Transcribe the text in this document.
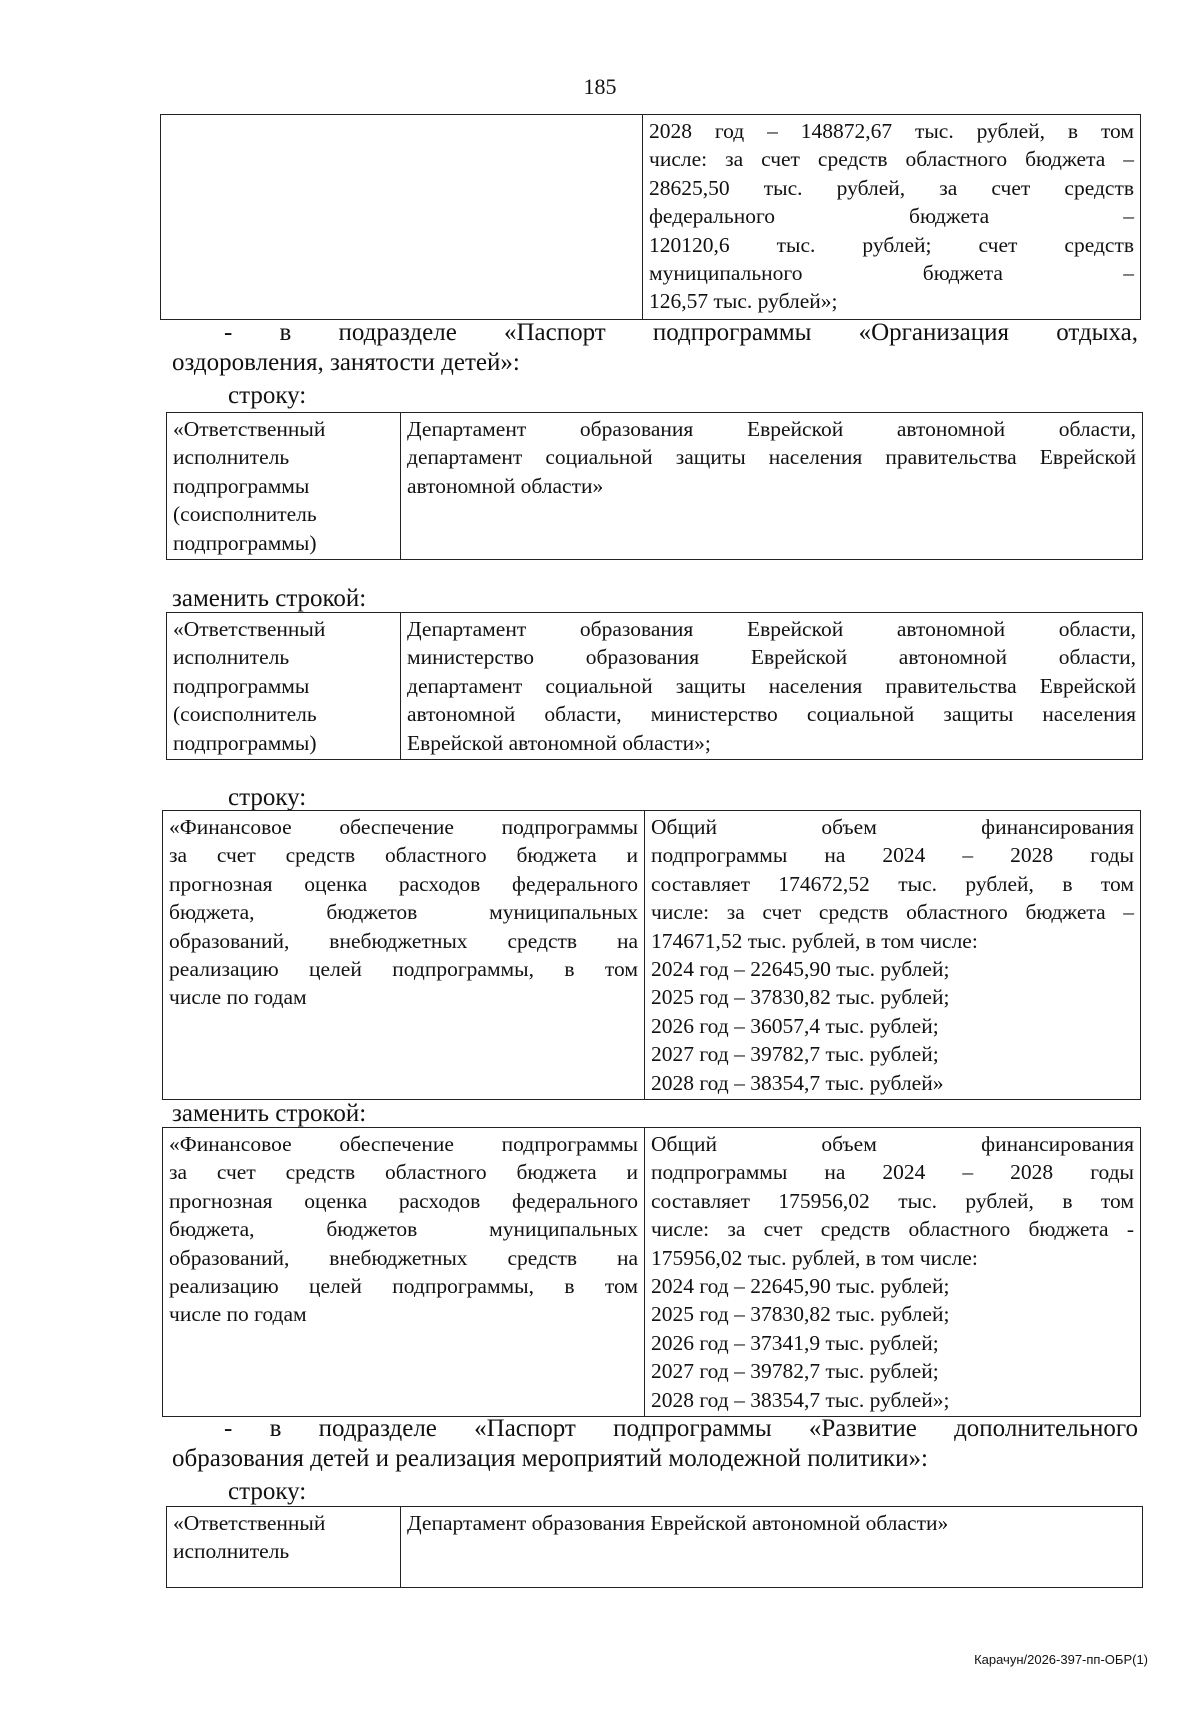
185

2028 год – 148872,67 тыс. рублей, в том
числе: за счет средств областного бюджета –
28625,50 тыс. рублей, за счет средств
федерального бюджета –
120120,6 тыс. рублей; счет средств
муниципального бюджета –
126,57 тыс. рублей»;
- в подразделе «Паспорт подпрограммы «Организация отдыха,
оздоровления, занятости детей»:
строку:
«Ответственный
исполнитель
подпрограммы
(соисполнитель
подпрограммы)

Департамент образования Еврейской автономной области,
департамент социальной защиты населения правительства Еврейской
автономной области»
заменить строкой:
«Ответственный
исполнитель
подпрограммы
(соисполнитель
подпрограммы)

Департамент образования Еврейской автономной области,
министерство образования Еврейской автономной области,
департамент социальной защиты населения правительства Еврейской
автономной области, министерство социальной защиты населения
Еврейской автономной области»;
строку:
«Финансовое обеспечение подпрограммы
за счет средств областного бюджета и
прогнозная оценка расходов федерального
бюджета, бюджетов муниципальных
образований, внебюджетных средств на
реализацию целей подпрограммы, в том
числе по годам

Общий объем финансирования
подпрограммы на 2024 – 2028 годы
составляет 174672,52 тыс. рублей, в том
числе: за счет средств областного бюджета –
174671,52 тыс. рублей, в том числе:
2024 год – 22645,90 тыс. рублей;
2025 год – 37830,82 тыс. рублей;
2026 год – 36057,4 тыс. рублей;
2027 год – 39782,7 тыс. рублей;
2028 год – 38354,7 тыс. рублей»
заменить строкой:
«Финансовое обеспечение подпрограммы
за счет средств областного бюджета и
прогнозная оценка расходов федерального
бюджета, бюджетов муниципальных
образований, внебюджетных средств на
реализацию целей подпрограммы, в том
числе по годам

Общий объем финансирования
подпрограммы на 2024 – 2028 годы
составляет 175956,02 тыс. рублей, в том
числе: за счет средств областного бюджета -
175956,02 тыс. рублей, в том числе:
2024 год – 22645,90 тыс. рублей;
2025 год – 37830,82 тыс. рублей;
2026 год – 37341,9 тыс. рублей;
2027 год – 39782,7 тыс. рублей;
2028 год – 38354,7 тыс. рублей»;
- в подразделе «Паспорт подпрограммы «Развитие дополнительного
образования детей и реализация мероприятий молодежной политики»:
строку:
«Ответственный
исполнитель

Департамент образования Еврейской автономной области»
Карачун/2026-397-пп-ОБР(1)
